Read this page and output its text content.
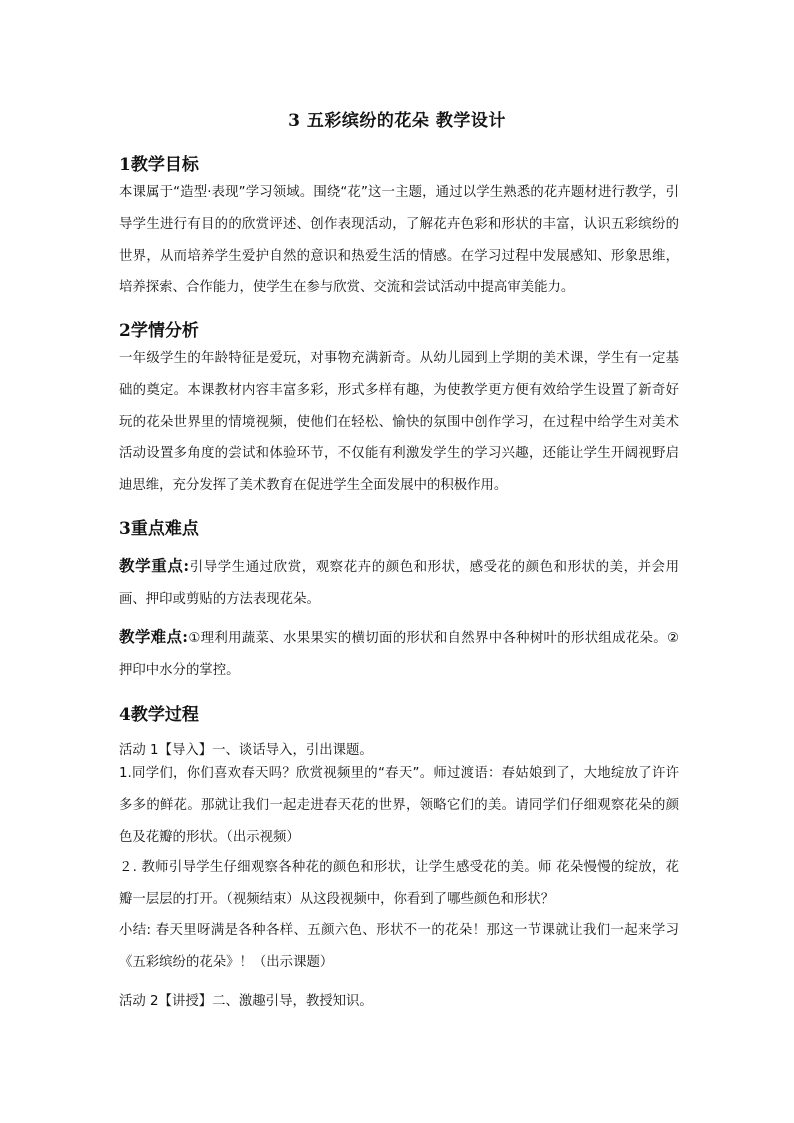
3 五彩缤纷的花朵 教学设计
1教学目标

本课属于“造型·表现”学习领域。围绕“花”这一主题，通过以学生熟悉的花卉题材进行教学，引导学生进行有目的的欣赏评述、创作表现活动，了解花卉色彩和形状的丰富，认识五彩缤纷的世界，从而培养学生爱护自然的意识和热爱生活的情感。在学习过程中发展感知、形象思维，培养探索、合作能力，使学生在参与欣赏、交流和尝试活动中提高审美能力。

2学情分析

一年级学生的年龄特征是爱玩，对事物充满新奇。从幼儿园到上学期的美术课，学生有一定基础的奠定。本课教材内容丰富多彩，形式多样有趣，为使教学更方便有效给学生设置了新奇好玩的花朵世界里的情境视频，使他们在轻松、愉快的氛围中创作学习，在过程中给学生对美术活动设置多角度的尝试和体验环节，不仅能有利激发学生的学习兴趣，还能让学生开阔视野启迪思维，充分发挥了美术教育在促进学生全面发展中的积极作用。

3重点难点

教学重点:引导学生通过欣赏，观察花卉的颜色和形状，感受花的颜色和形状的美，并会用画、押印或剪贴的方法表现花朵。

教学难点:①理利用蔬菜、水果果实的横切面的形状和自然界中各种树叶的形状组成花朵。②押印中水分的掌控。

4教学过程
活动 1【导入】一、谈话导入，引出课题。

1.同学们，你们喜欢春天吗？欣赏视频里的“春天”。师过渡语：春姑娘到了，大地绽放了许许多多的鲜花。那就让我们一起走进春天花的世界，领略它们的美。请同学们仔细观察花朵的颜色及花瓣的形状。（出示视频）

２. 教师引导学生仔细观察各种花的颜色和形状，让学生感受花的美。师 花朵慢慢的绽放，花瓣一层层的打开。（视频结束）从这段视频中，你看到了哪些颜色和形状？

小结: 春天里呀满是各种各样、五颜六色、形状不一的花朵！那这一节课就让我们一起来学习《五彩缤纷的花朵》！（出示课题）

活动 2【讲授】二、激趣引导，教授知识。
